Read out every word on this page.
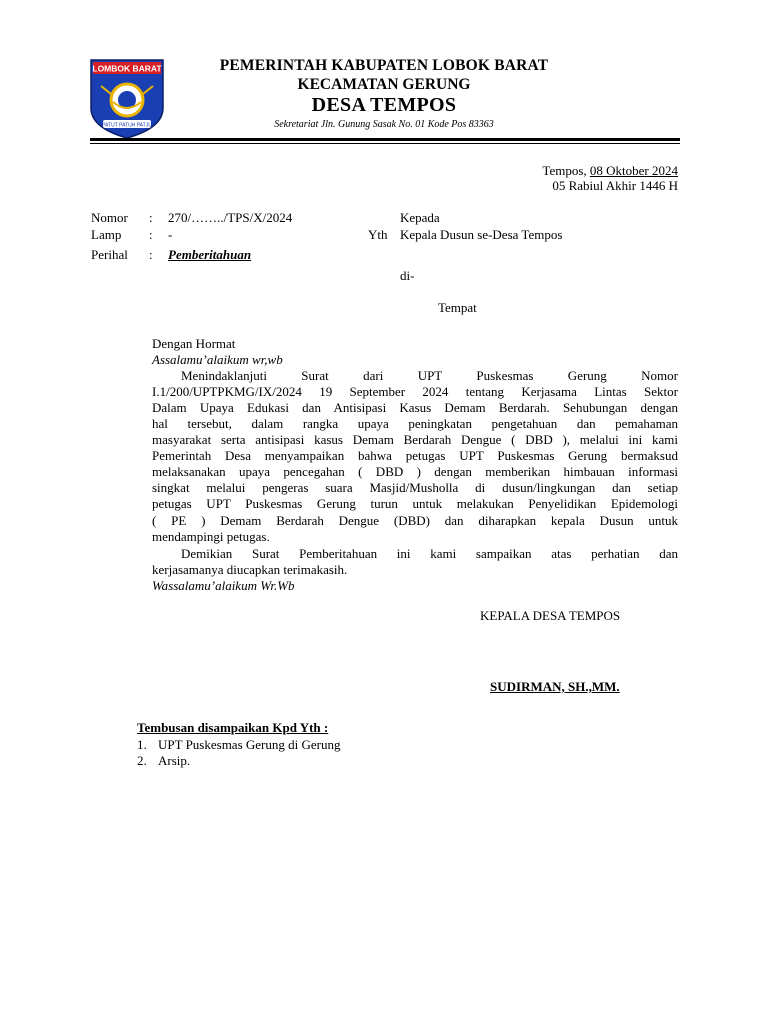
LOMBOK BARAT
PATUT PATUH PATJU
PEMERINTAH KABUPATEN LOBOK BARAT
KECAMATAN GERUNG
DESA TEMPOS
Sekretariat Jln. Gunung Sasak No. 01 Kode Pos 83363
Tempos, 08 Oktober 2024
05 Rabiul Akhir 1446 H
Nomor : 270/……../TPS/X/2024
Lamp : -
Perihal : Pemberitahuan
Kepada
Yth Kepala Dusun se-Desa Tempos
di-
Tempat
Dengan Hormat
Assalamu’alaikum wr,wb
Menindaklanjuti Surat dari UPT Puskesmas Gerung Nomor
I.1/200/UPTPKMG/IX/2024 19 September 2024 tentang Kerjasama Lintas Sektor
Dalam Upaya Edukasi dan Antisipasi Kasus Demam Berdarah. Sehubungan dengan
hal tersebut, dalam rangka upaya peningkatan pengetahuan dan pemahaman
masyarakat serta antisipasi kasus Demam Berdarah Dengue ( DBD ), melalui ini kami
Pemerintah Desa menyampaikan bahwa petugas UPT Puskesmas Gerung bermaksud
melaksanakan upaya pencegahan ( DBD ) dengan memberikan himbauan informasi
singkat melalui pengeras suara Masjid/Musholla di dusun/lingkungan dan setiap
petugas UPT Puskesmas Gerung turun untuk melakukan Penyelidikan Epidemologi
( PE ) Demam Berdarah Dengue (DBD) dan diharapkan kepala Dusun untuk
mendampingi petugas.
Demikian Surat Pemberitahuan ini kami sampaikan atas perhatian dan
kerjasamanya diucapkan terimakasih.
Wassalamu’alaikum Wr.Wb
KEPALA DESA TEMPOS
SUDIRMAN, SH.,MM.
Tembusan disampaikan Kpd Yth :
1. UPT Puskesmas Gerung di Gerung
2. Arsip.
